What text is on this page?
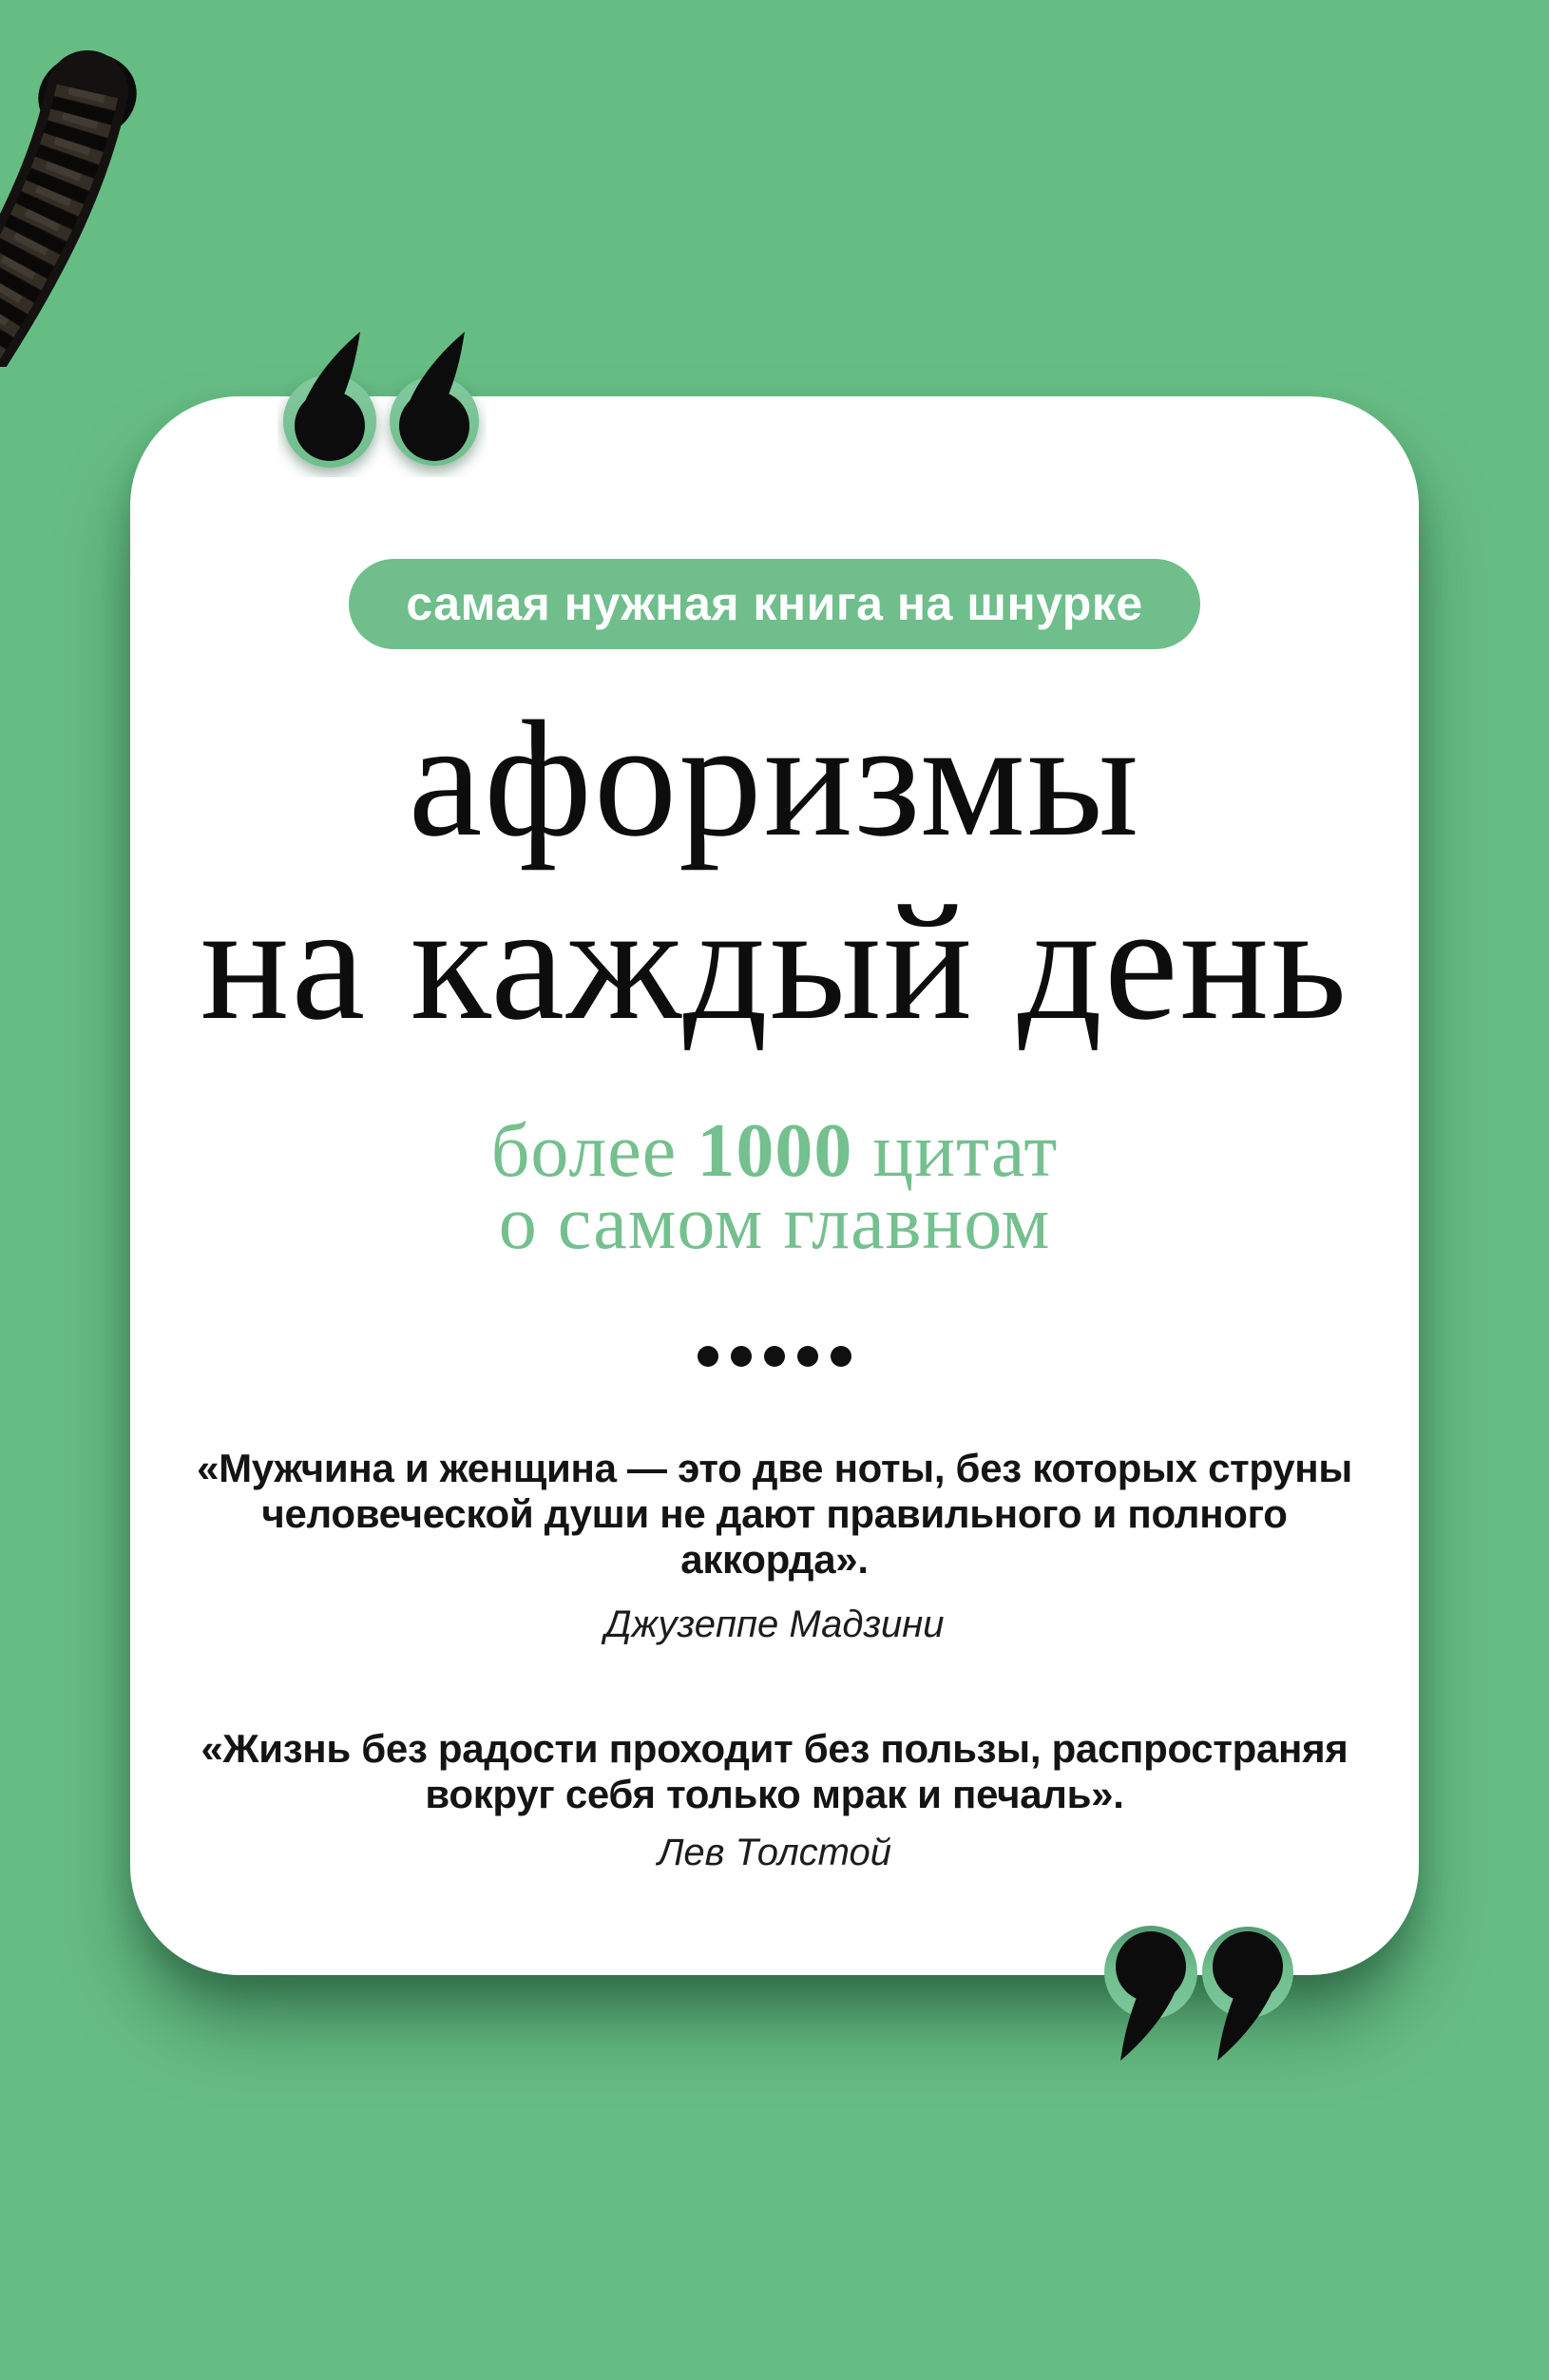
самая нужная книга на шнурке
афоризмы
на каждый день
более 1000 цитат
о самом главном
«Мужчина и женщина — это две ноты, без которых струны
человеческой души не дают правильного и полного
аккорда».
Джузеппе Мадзини
«Жизнь без радости проходит без пользы, распространяя
вокруг себя только мрак и печаль».
Лев Толстой
